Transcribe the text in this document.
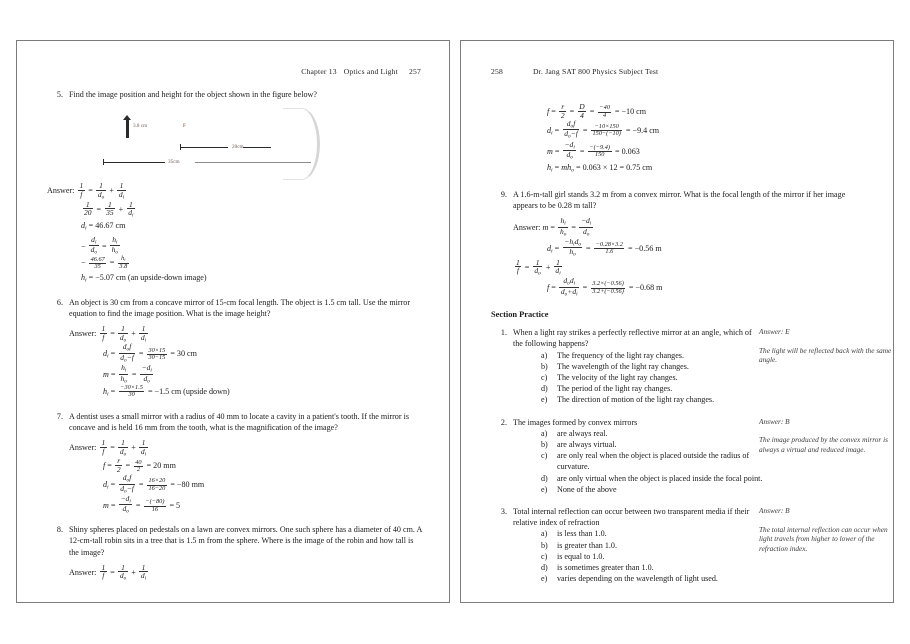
Chapter 13 Optics and Light 257
5. Find the image position and height for the object shown in the figure below?
3.8 cm	F
20cm
35cm
Answer: $\frac{1}{f} = \frac{1}{d_o} + \frac{1}{d_i}$
$\frac{1}{20} = \frac{1}{35} + \frac{1}{d_i}$
$d_i = 46.67$ cm
− $\frac{d_i}{d_o} = \frac{h_i}{h_o}$
− $\frac{46.67}{35} = \frac{h_i}{3.8}$
$h_i = -5.07$ cm (an upside-down image)
6. An object is 30 cm from a concave mirror of 15-cm focal length. The object is 1.5 cm tall. Use the mirror equation to find the image position. What is the image height?
Answer: $\frac{1}{f} = \frac{1}{d_o} + \frac{1}{d_i}$
$d_i = \frac{d_of}{d_o-f} = \frac{30\times 15}{30-15} = 30$ cm
$m = \frac{h_i}{h_o} = \frac{-d_i}{d_o}$
$h_i = \frac{-30\times 1.5}{30} = -1.5$ cm (upside down)
7. A dentist uses a small mirror with a radius of 40 mm to locate a cavity in a patient's tooth. If the mirror is concave and is held 16 mm from the tooth, what is the magnification of the image?
Answer: $\frac{1}{f} = \frac{1}{d_o} + \frac{1}{d_i}$
$f = \frac{r}{2} = \frac{40}{2} = 20$ mm
$d_i = \frac{d_of}{d_o-f} = \frac{16\times 20}{16-20} = -80$ mm
$m = \frac{-d_i}{d_o} = \frac{-(-80)}{16} = 5$
8. Shiny spheres placed on pedestals on a lawn are convex mirrors. One such sphere has a diameter of 40 cm. A 12-cm-tall robin sits in a tree that is 1.5 m from the sphere. Where is the image of the robin and how tall is the image?
Answer: $\frac{1}{f} = \frac{1}{d_o} + \frac{1}{d_i}$
258	Dr. Jang SAT 800 Physics Subject Test
$f = \frac{r}{2} = \frac{D}{4} = \frac{-40}{4} = -10$ cm
$d_i = \frac{d_of}{d_o-f} = \frac{-10\times 150}{150-(-10)} = -9.4$ cm
$m = \frac{-d_i}{d_o} = \frac{-(-9.4)}{150} = 0.063$
$h_i = mh_o = 0.063 \times 12 = 0.75$ cm
9. A 1.6-m-tall girl stands 3.2 m from a convex mirror. What is the focal length of the mirror if her image appears to be 0.28 m tall?
Answer: $m = \frac{h_i}{h_o} = \frac{-d_i}{d_o}$
$d_i = \frac{-h_id_o}{h_o} = \frac{-0.28\times 3.2}{1.6} = -0.56$ m
$\frac{1}{f} = \frac{1}{d_o} + \frac{1}{d_i}$
$f = \frac{d_od_i}{d_o+d_i} = \frac{3.2\times(-0.56)}{3.2+(-0.56)} = -0.68$ m
Section Practice
1. When a light ray strikes a perfectly reflective mirror at an angle, which of the following happens?
a) The frequency of the light ray changes.
b) The wavelength of the light ray changes.
c) The velocity of the light ray changes.
d) The period of the light ray changes.
e) The direction of motion of the light ray changes.
Answer: E
The light will be reflected back with the same angle.
2. The images formed by convex mirrors
a) are always real.
b) are always virtual.
c) are only real when the object is placed outside the radius of curvature.
d) are only virtual when the object is placed inside the focal point.
e) None of the above
Answer: B
The image produced by the convex mirror is always a virtual and reduced image.
3. Total internal reflection can occur between two transparent media if their relative index of refraction
a) is less than 1.0.
b) is greater than 1.0.
c) is equal to 1.0.
d) is sometimes greater than 1.0.
e) varies depending on the wavelength of light used.
Answer: B
The total internal reflection can occur when light travels from higher to lower of the refraction index.
